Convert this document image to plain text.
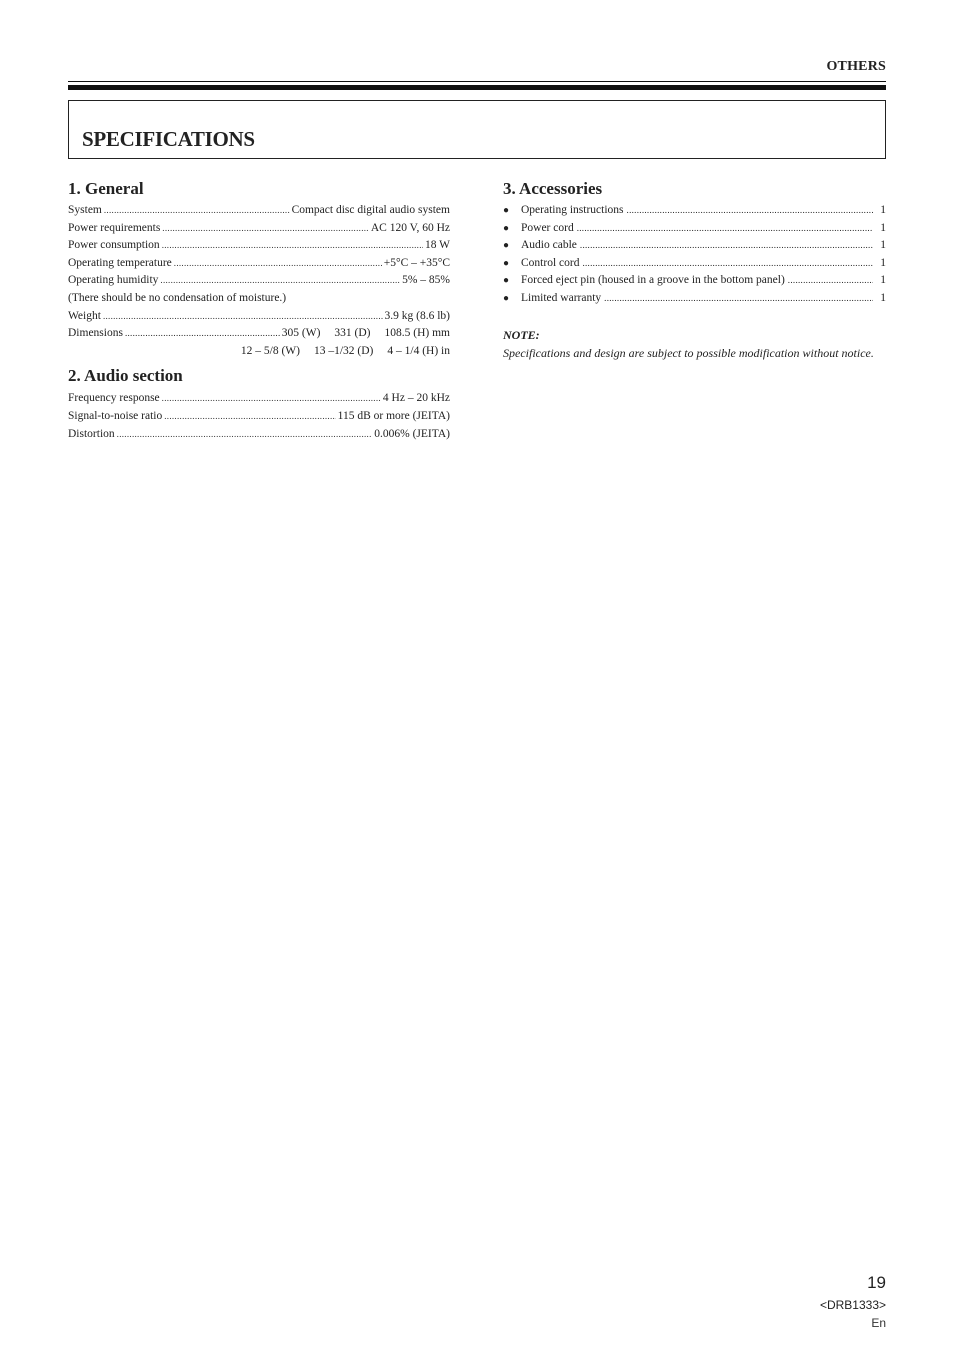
OTHERS
SPECIFICATIONS
1. General
System .....	Compact disc digital audio system
Power requirements .....	AC 120 V, 60 Hz
Power consumption .....	18 W
Operating temperature .....	+5°C – +35°C
Operating humidity .....	5% – 85%
(There should be no condensation of moisture.)
Weight .....	3.9 kg (8.6 lb)
Dimensions .....	305 (W) 331 (D) 108.5 (H) mm
12 – 5/8 (W) 13 –1/32 (D) 4 – 1/4 (H) in
2. Audio section
Frequency response .....	4 Hz – 20 kHz
Signal-to-noise ratio .....	115 dB or more (JEITA)
Distortion .....	0.006% (JEITA)
3. Accessories
●
Operating instructions .....	1
●
Power cord .....	1
●
Audio cable .....	1
●
Control cord .....	1
●
Forced eject pin (housed in a groove in the bottom panel) .....	1
●
Limited warranty .....	1
NOTE:
Specifications and design are subject to possible modification without notice.
19
<DRB1333>
En
